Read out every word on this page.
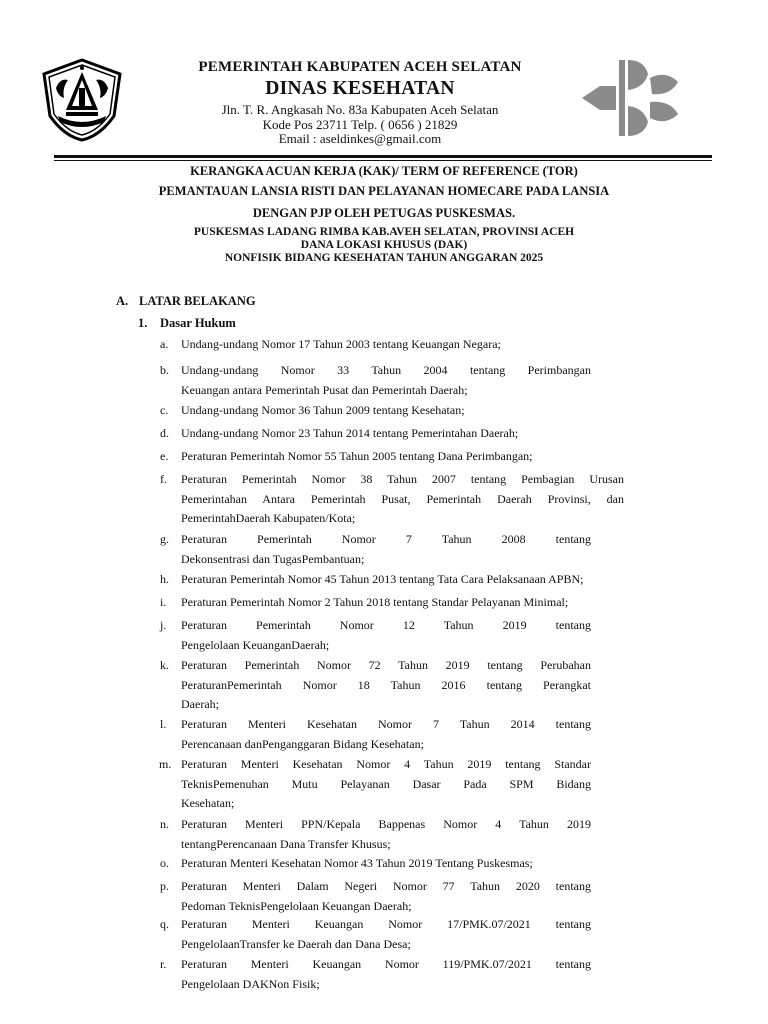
PEMERINTAH KABUPATEN ACEH SELATAN
DINAS KESEHATAN
Jln. T. R. Angkasah No. 83a Kabupaten Aceh Selatan
Kode Pos 23711 Telp. ( 0656 ) 21829
Email : aseldinkes@gmail.com
KERANGKA ACUAN KERJA (KAK)/ TERM OF REFERENCE (TOR)
PEMANTAUAN LANSIA RISTI DAN PELAYANAN HOMECARE PADA LANSIA
DENGAN PJP OLEH PETUGAS PUSKESMAS.
PUSKESMAS LADANG RIMBA KAB.AVEH SELATAN, PROVINSI ACEH
DANA LOKASI KHUSUS (DAK)
NONFISIK BIDANG KESEHATAN TAHUN ANGGARAN 2025
A. LATAR BELAKANG
1. Dasar Hukum
a. Undang-undang Nomor 17 Tahun 2003 tentang Keuangan Negara;
b. Undang-undang Nomor 33 Tahun 2004 tentang Perimbangan
Keuangan antara Pemerintah Pusat dan Pemerintah Daerah;
c. Undang-undang Nomor 36 Tahun 2009 tentang Kesehatan;
d. Undang-undang Nomor 23 Tahun 2014 tentang Pemerintahan Daerah;
e. Peraturan Pemerintah Nomor 55 Tahun 2005 tentang Dana Perimbangan;
f. Peraturan Pemerintah Nomor 38 Tahun 2007 tentang Pembagian Urusan
Pemerintahan Antara Pemerintah Pusat, Pemerintah Daerah Provinsi, dan
PemerintahDaerah Kabupaten/Kota;
g. Peraturan Pemerintah Nomor 7 Tahun 2008 tentang
Dekonsentrasi dan TugasPembantuan;
h. Peraturan Pemerintah Nomor 45 Tahun 2013 tentang Tata Cara Pelaksanaan APBN;
i. Peraturan Pemerintah Nomor 2 Tahun 2018 tentang Standar Pelayanan Minimal;
j. Peraturan Pemerintah Nomor 12 Tahun 2019 tentang
Pengelolaan KeuanganDaerah;
k. Peraturan Pemerintah Nomor 72 Tahun 2019 tentang Perubahan
PeraturanPemerintah Nomor 18 Tahun 2016 tentang Perangkat
Daerah;
l. Peraturan Menteri Kesehatan Nomor 7 Tahun 2014 tentang
Perencanaan danPenganggaran Bidang Kesehatan;
m. Peraturan Menteri Kesehatan Nomor 4 Tahun 2019 tentang Standar
TeknisPemenuhan Mutu Pelayanan Dasar Pada SPM Bidang
Kesehatan;
n. Peraturan Menteri PPN/Kepala Bappenas Nomor 4 Tahun 2019
tentangPerencanaan Dana Transfer Khusus;
o. Peraturan Menteri Kesehatan Nomor 43 Tahun 2019 Tentang Puskesmas;
p. Peraturan Menteri Dalam Negeri Nomor 77 Tahun 2020 tentang
Pedoman TeknisPengelolaan Keuangan Daerah;
q. Peraturan Menteri Keuangan Nomor 17/PMK.07/2021 tentang
PengelolaanTransfer ke Daerah dan Dana Desa;
r. Peraturan Menteri Keuangan Nomor 119/PMK.07/2021 tentang
Pengelolaan DAKNon Fisik;
